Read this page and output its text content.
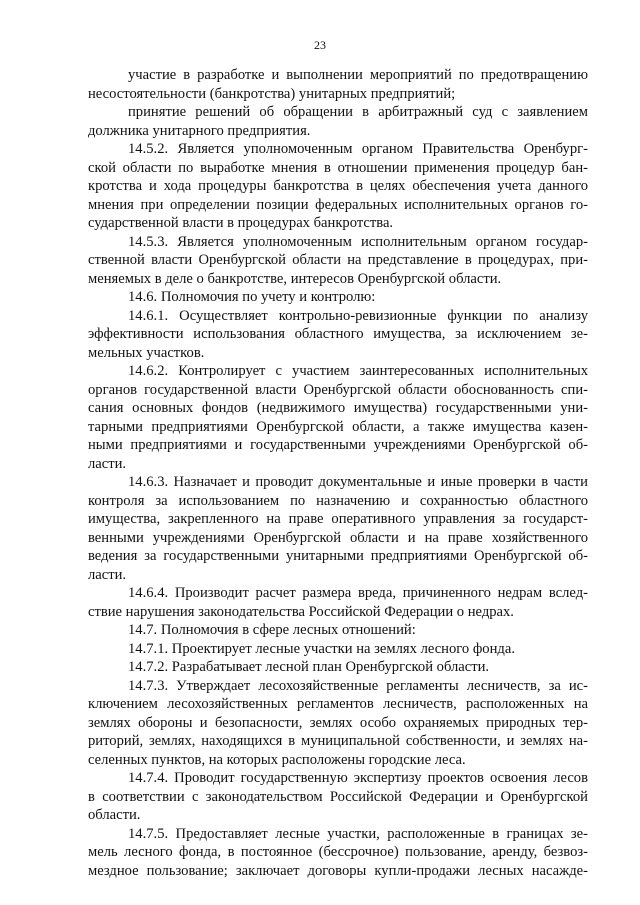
23
участие в разработке и выполнении мероприятий по предотвращению
несостоятельности (банкротства) унитарных предприятий;
принятие решений об обращении в арбитражный суд с заявлением
должника унитарного предприятия.
14.5.2. Является уполномоченным органом Правительства Оренбург-
ской области по выработке мнения в отношении применения процедур бан-
кротства и хода процедуры банкротства в целях обеспечения учета данного
мнения при определении позиции федеральных исполнительных органов го-
сударственной власти в процедурах банкротства.
14.5.3. Является уполномоченным исполнительным органом государ-
ственной власти Оренбургской области на представление в процедурах, при-
меняемых в деле о банкротстве, интересов Оренбургской области.
14.6. Полномочия по учету и контролю:
14.6.1. Осуществляет контрольно-ревизионные функции по анализу
эффективности использования областного имущества, за исключением зе-
мельных участков.
14.6.2. Контролирует с участием заинтересованных исполнительных
органов государственной власти Оренбургской области обоснованность спи-
сания основных фондов (недвижимого имущества) государственными уни-
тарными предприятиями Оренбургской области, а также имущества казен-
ными предприятиями и государственными учреждениями Оренбургской об-
ласти.
14.6.3. Назначает и проводит документальные и иные проверки в части
контроля за использованием по назначению и сохранностью областного
имущества, закрепленного на праве оперативного управления за государст-
венными учреждениями Оренбургской области и на праве хозяйственного
ведения за государственными унитарными предприятиями Оренбургской об-
ласти.
14.6.4. Производит расчет размера вреда, причиненного недрам вслед-
ствие нарушения законодательства Российской Федерации о недрах.
14.7. Полномочия в сфере лесных отношений:
14.7.1. Проектирует лесные участки на землях лесного фонда.
14.7.2. Разрабатывает лесной план Оренбургской области.
14.7.3. Утверждает лесохозяйственные регламенты лесничеств, за ис-
ключением лесохозяйственных регламентов лесничеств, расположенных на
землях обороны и безопасности, землях особо охраняемых природных тер-
риторий, землях, находящихся в муниципальной собственности, и землях на-
селенных пунктов, на которых расположены городские леса.
14.7.4. Проводит государственную экспертизу проектов освоения лесов
в соответствии с законодательством Российской Федерации и Оренбургской
области.
14.7.5. Предоставляет лесные участки, расположенные в границах зе-
мель лесного фонда, в постоянное (бессрочное) пользование, аренду, безвоз-
мездное пользование; заключает договоры купли-продажи лесных насажде-
